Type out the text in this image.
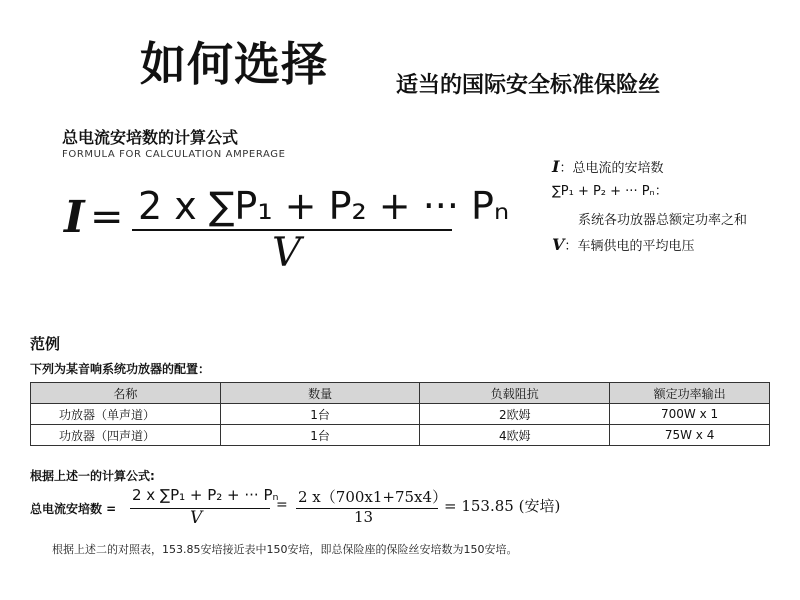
如何选择	适当的国际安全标准保险丝
总电流安培数的计算公式
FORMULA FOR CALCULATION AMPERAGE
I = 2 x ∑P₁ + P₂ + ··· Pₙ
V
I：总电流的安培数
∑P₁ + P₂ + ··· Pₙ：
系统各功放器总额定功率之和
V：车辆供电的平均电压
范例
下列为某音响系统功放器的配置：
名称	数量	负载阻抗	额定功率输出
功放器（单声道）	1台	2欧姆	700W x 1
功放器（四声道）	1台	4欧姆	75W x 4
根据上述一的计算公式:
总电流安培数 =
2 x ∑P₁ + P₂ + ··· Pₙ
V
= 2 x（700x1+75x4）
13
= 153.85 (安培)
根据上述二的对照表，153.85安培接近表中150安培，即总保险座的保险丝安培数为150安培。
